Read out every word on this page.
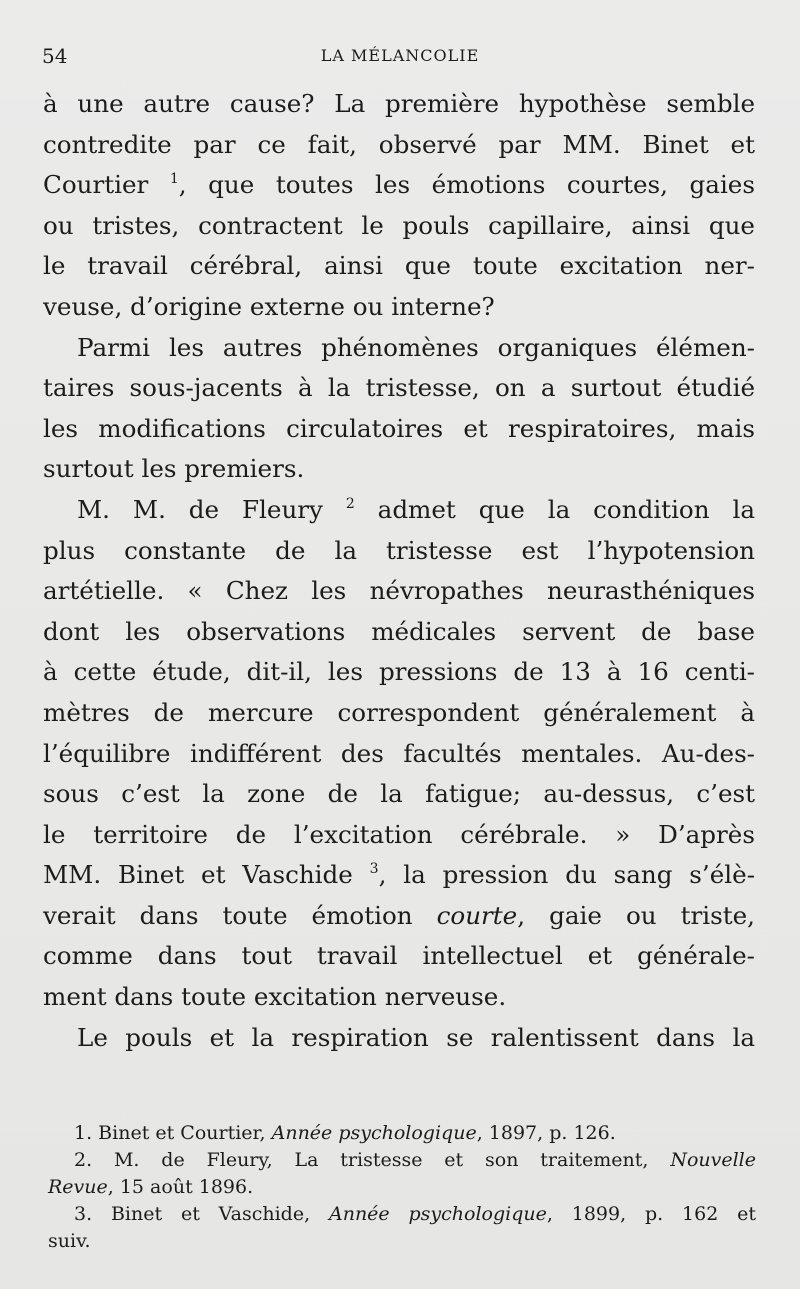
54	LA MÉLANCOLIE
à une autre cause? La première hypothèse semble
contredite par ce fait, observé par MM. Binet et
Courtier $^1$, que toutes les émotions courtes, gaies
ou tristes, contractent le pouls capillaire, ainsi que
le travail cérébral, ainsi que toute excitation ner-
veuse, d’origine externe ou interne?
Parmi les autres phénomènes organiques élémen-
taires sous-jacents à la tristesse, on a surtout étudié
les modifications circulatoires et respiratoires, mais
surtout les premiers.
M. M. de Fleury $^2$ admet que la condition la
plus constante de la tristesse est l’hypotension
artétielle. « Chez les névropathes neurasthéniques
dont les observations médicales servent de base
à cette étude, dit-il, les pressions de 13 à 16 centi-
mètres de mercure correspondent généralement à
l’équilibre indifférent des facultés mentales. Au-des-
sous c’est la zone de la fatigue; au-dessus, c’est
le territoire de l’excitation cérébrale. » D’après
MM. Binet et Vaschide $^3$, la pression du sang s’élè-
verait dans toute émotion courte, gaie ou triste,
comme dans tout travail intellectuel et générale-
ment dans toute excitation nerveuse.
Le pouls et la respiration se ralentissent dans la
1. Binet et Courtier, Année psychologique, 1897, p. 126.
2. M. de Fleury, La tristesse et son traitement, Nouvelle
Revue, 15 août 1896.
3. Binet et Vaschide, Année psychologique, 1899, p. 162 et
suiv.
